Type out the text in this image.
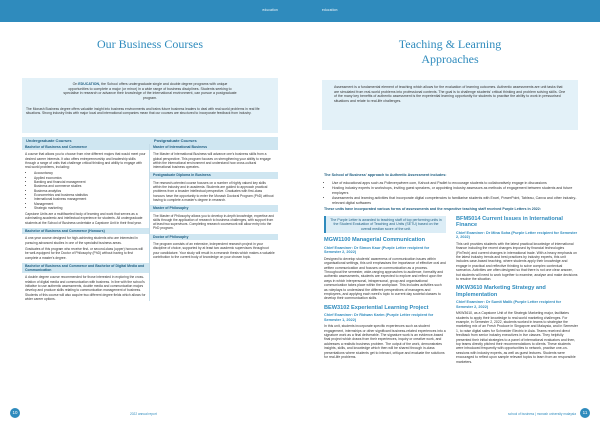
education
Our Business Courses
On EDUCATION, the School offers undergraduate single and double degree programs with unique opportunities to complete a major (or minor) in a wide range of business disciplines. Students seeking to specialise in research or advance their knowledge of the international environment, can pursue a postgraduate program.
The Monash Business degree offers valuable insight into business environments and trains future business leaders to deal with real-world problems in real life situations. Strong industry links with major local and international companies mean that our courses are structured to incorporate feedback from industry.
Undergraduate Courses	Postgraduate Courses
Bachelor of Business and Commerce

A course that allows you to choose from nine different majors that would meet your desired career interests. It also offers entrepreneurship and leadership skills through a range of units that challenge critical thinking and ability to engage with real-world problems, including:

• Accountancy
• Applied economics
• Banking and financial management
• Business and commerce studies
• Business analytics
• Econometrics and business statistics
• International business management
• Management
• Strategic marketing

Capstone Units are a multifaceted body of learning and work that serves as a culminating academic and intellectual experience for students. All undergraduate students at the School of Business undertake a Capstone Unit in their final year.

Bachelor of Business and Commerce (Honours)

A one-year course designed for high-achieving students who are interested in pursuing advanced studies in one of the specialist business areas.

Graduates of this program who receive first- or second-class (upper) honours will be well-equipped for the Doctor of Philosophy (PhD) without having to first complete a master's degree.

Bachelor of Business and Commerce and Bachelor of Digital Media and Communication

A double degree course recommended for those interested in exploring the cross-relation of digital media and communication with business. In line with the school's initiative to use authentic assessments, double media and communication majors develop and produce skills relating to communication management of business. Students of this course will also acquire two different degree fields which allows for wider career options.

Master of International Business

The Master of International Business will advance one's business skills from a global perspective. This program focuses on strengthening your ability to engage within the international environment and understand how cross-cultural international business operates.

Postgraduate Diploma in Business

The research-oriented course focuses on a number of highly valued key skills within the industry and in academia. Students are guided to approach practical problems from a broader intellectual perspective. Graduates with first-class honours have the opportunity to enter the Monash Doctoral Program (PhD) without having to complete a master's degree in research.

Master of Philosophy

The Master of Philosophy allows you to develop in-depth knowledge, expertise and skills through the application of research to business challenges, with support from at least two supervisors. Completing research coursework will allow entry into the PhD program.

Doctor of Philosophy

The program consists of an extensive, independent research project in your discipline of choice, supported by at least two academic supervisors throughout your candidature. Your study will result in a research thesis which makes a valuable contribution to the current body of knowledge on your chosen topic.

10	2022 annual report
education
Teaching & Learning
Approaches
Assessment is a fundamental element of teaching which allows for the evaluation of learning outcomes. Authentic assessments are unit tasks that are simulated from real-world problems into professional contexts. The goal is to challenge students' critical thinking and problem solving skills. One of the many key benefits of authentic assessment is the experiential learning opportunity for students to practise the ability to work in pressurised situations and relate to real-life challenges.
The School of Business' approach to Authentic Assessment includes:
• Use of educational apps such as Polleverywhere.com, Kahoot and Padlet to encourage students to collaboratively engage in discussions
• Hosting industry experts in workshops, inviting guest speakers, or appointing industry assessors as methods of engagement between students and future employers
• Assessments and learning activities that incorporate digital competencies to familiarise students with Excel, PowerPoint, Tableau, Canva and other industry-relevant digital softwares
These units have incorporated various forms of assessments and the respective teaching staff received Purple Letters in 2022:
The Purple Letter is awarded to teaching staff of top performing units in the Student Evaluation of Teaching and Units (SETU) based on the overall median score of the unit.
MGW1100 Managerial Communication
Chief Examiner: Dr Simon Kaur (Purple Letter recipient for Semester 2, 2022)
Designed to develop students' awareness of communication issues within organisational settings, this unit emphasises the importance of effective oral and written communication and focuses on communication as a process. Throughout the semester, wide-ranging approaches to audience, formality and authentic assessments, students are expected to explore and reflect upon the ways in which interpersonal, intrapersonal, group and organisational communication takes place within the workplace. This includes activities such as roleplays to understand the different perspectives of managers and employees, and applying each week's topic to current day societal classes to develop their communication skills.
BEW3102 Experiential Learning Project
Chief Examiner: Dr Ridwan Karim (Purple Letter recipient for Semester 1, 2022)
In this unit, students incorporate specific experiences such as student engagement, internships or other significant business-related experiences into a signature work as a final deliverable. The signature work is an evidence-based final project which draws from their experiences, inquiry or creative work, and addresses a realistic business problem. The output of the work, demonstrates insights, skills, and knowledge which then will be shared through in-class presentations where students get to interact, critique and evaluate the solutions for real-life problems.
BFM5014 Current Issues in International Finance
Chief Examiner: Dr Mina Soha (Purple Letter recipient for Semester 2, 2022)
This unit provides students with the latest practical knowledge of international finance including the recent changes imposed by financial technologies (FinTech) and current changes in international trade. With a heavy emphasis on the latest industry trends and best practices by industry experts, this unit includes case-based teaching, where students apply their knowledge and engage in practical and reflective thinking to solve complex contextual scenarios. Activities are often designed so that there is not one clear answer, but students will need to work together to examine, analyse and make decisions to resolve the situation.
MKW3610 Marketing Strategy and Implementation
Chief Examiner: Dr Sumit Malik (Purple Letter recipient for Semester 2, 2022)
MKW3610, as a Capstone Unit of the Strategic Marketing major, facilitates students to apply their knowledge to real-world marketing challenges. For example, in Semester 2, 2022, students worked in teams to strategise the marketing mix of an Fresh Produce in Singapore and Malaysia, and in Semester 1, to raise digital sales for Schneider Electric in Asia. Teams received direct feedback from senior industry executives in live classes. They helpfully presented their initial strategies to a panel of international evaluators and then, top teams directly pitched their recommendations to clients. These students were introduced frequently with opportunities to network, practise one-on-sessions with industry experts, as well as guest lectures. Students were encouraged to reflect upon sample relevant topics to learn from an responsible marketers.
school of business | monash university malaysia	11
